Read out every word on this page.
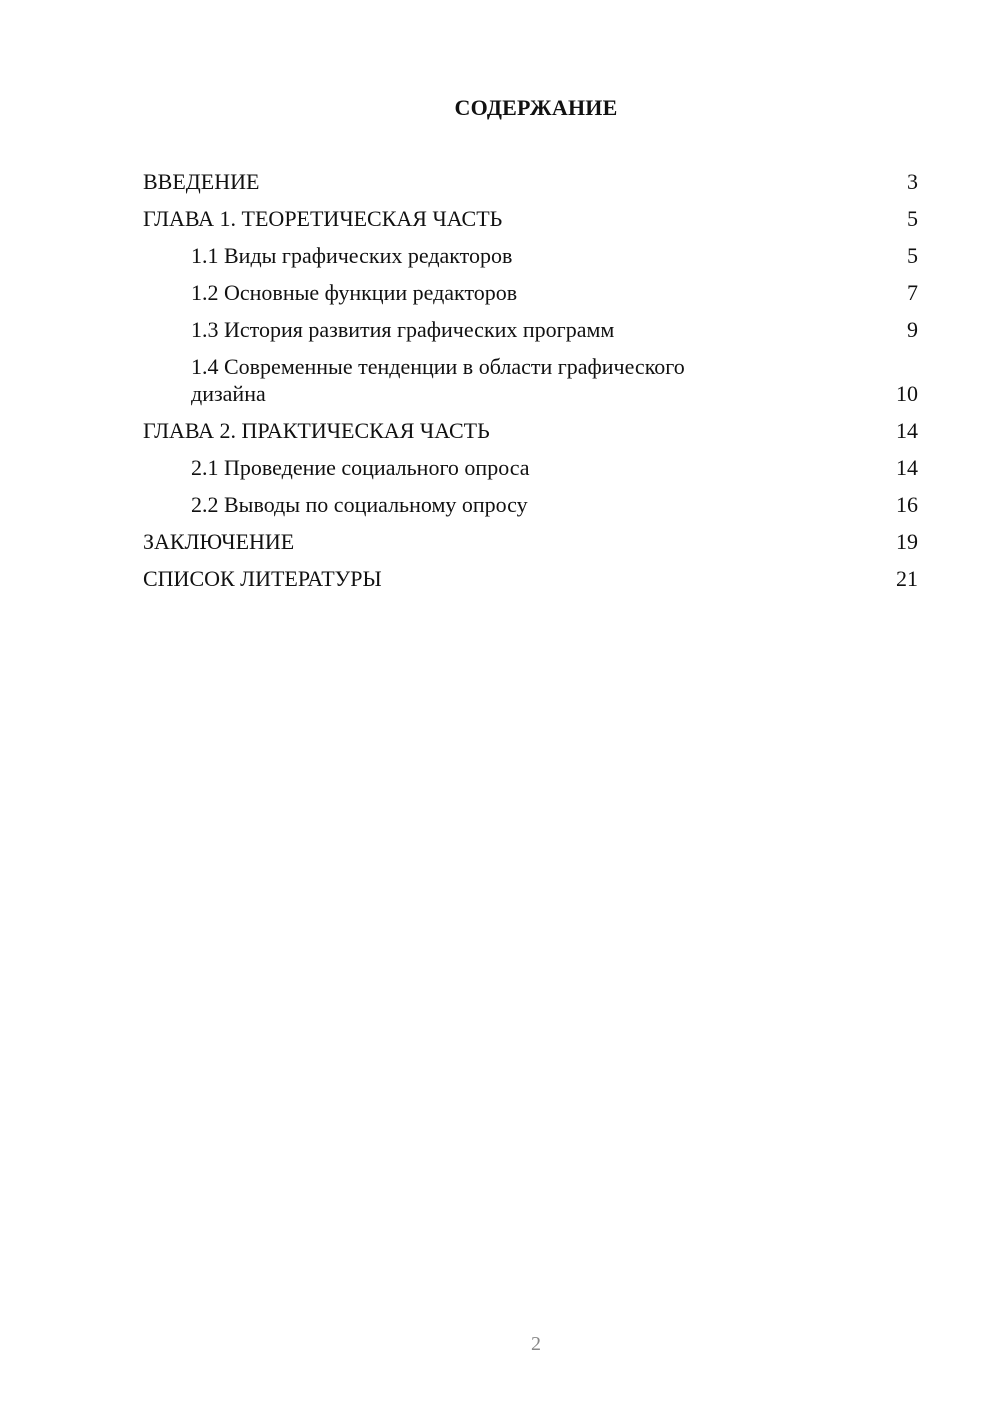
СОДЕРЖАНИЕ
ВВЕДЕНИЕ	3
ГЛАВА 1. ТЕОРЕТИЧЕСКАЯ ЧАСТЬ	5
1.1 Виды графических редакторов	5
1.2 Основные функции редакторов	7
1.3 История развития графических программ	9
1.4 Современные тенденции в области графического дизайна	10
ГЛАВА 2. ПРАКТИЧЕСКАЯ ЧАСТЬ	14
2.1 Проведение социального опроса	14
2.2 Выводы по социальному опросу	16
ЗАКЛЮЧЕНИЕ	19
СПИСОК ЛИТЕРАТУРЫ	21
2
